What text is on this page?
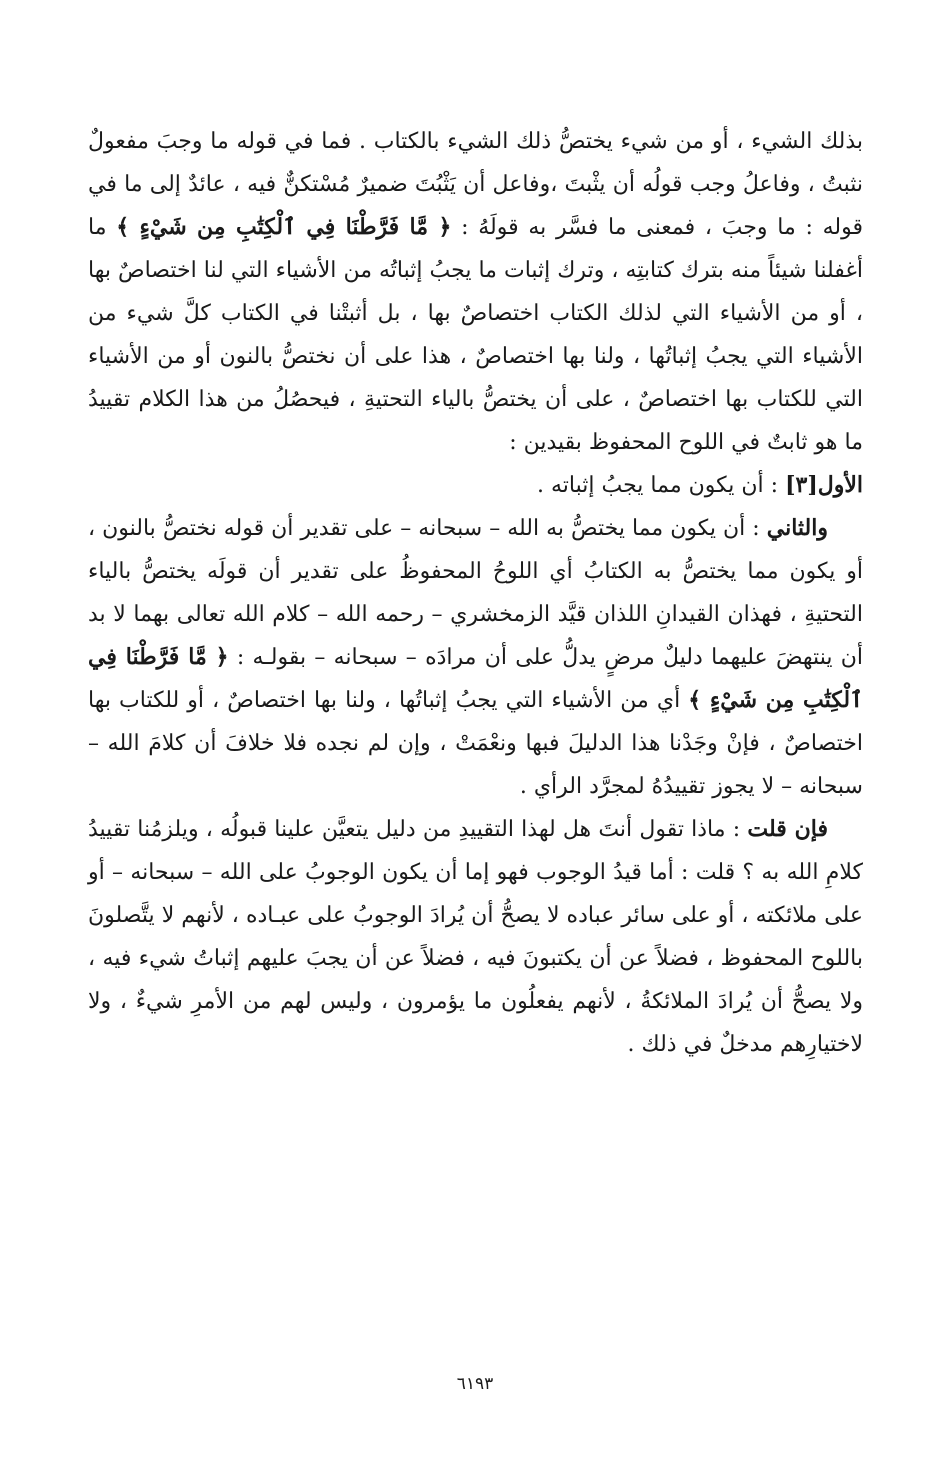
بذلك الشيء ، أو من شيء يختصُّ ذلك الشيء بالكتاب . فما في قوله ما وجبَ مفعولٌ نثبتُ ، وفاعلُ وجب قولُه أن يثْبتَ ،وفاعل أن يَثْبُتَ ضميرٌ مُسْتكنٌّ فيه ، عائدٌ إلى ما في قوله : ما وجبَ ، فمعنى ما فسَّر به قولَهُ : ﴿ مَّا فَرَّطْنَا فِي ٱلْكِتَٰبِ مِن شَيْءٍ ﴾ ما أغفلنا شيئاً منه بترك كتابتِه ، وترك إثبات ما يجبُ إثباتُه من الأشياء التي لنا اختصاصٌ بها ، أو من الأشياء التي لذلك الكتاب اختصاصٌ بها ، بل أثبتْنا في الكتاب كلَّ شيء من الأشياء التي يجبُ إثباتُها ، ولنا بها اختصاصٌ ، هذا على أن نختصُّ بالنون أو من الأشياء التي للكتاب بها اختصاصٌ ، على أن يختصُّ بالياء التحتيةِ ، فيحصُلُ من هذا الكلام تقييدُ ما هو ثابتٌ في اللوح المحفوظ بقيدين :

الأول[٣] : أن يكون مما يجبُ إثباته .

والثاني : أن يكون مما يختصُّ به الله – سبحانه – على تقدير أن قوله نختصُّ بالنون ، أو يكون مما يختصُّ به الكتابُ أي اللوحُ المحفوظُ على تقدير أن قولَه يختصُّ بالياء التحتيةِ ، فهذان القيدانِ اللذان قيَّد الزمخشري – رحمه الله – كلام الله تعالى بهما لا بد أن ينتهضَ عليهما دليلٌ مرضٍ يدلُّ على أن مرادَه – سبحانه – بقولـه : ﴿ مَّا فَرَّطْنَا فِي ٱلْكِتَٰبِ مِن شَيْءٍ ﴾ أي من الأشياء التي يجبُ إثباتُها ، ولنا بها اختصاصٌ ، أو للكتاب بها اختصاصٌ ، فإنْ وجَدْنا هذا الدليلَ فبها ونعْمَتْ ، وإن لم نجده فلا خلافَ أن كلامَ الله – سبحانه – لا يجوز تقييدُهُ لمجرَّد الرأي .

فإن قلت : ماذا تقول أنتَ هل لهذا التقييدِ من دليل يتعيَّن علينا قبولُه ، ويلزمُنا تقييدُ كلامِ الله به ؟ قلت : أما قيدُ الوجوب فهو إما أن يكون الوجوبُ على الله – سبحانه – أو على ملائكته ، أو على سائر عباده لا يصحُّ أن يُرادَ الوجوبُ على عبـاده ، لأنهم لا يتَّصلونَ باللوح المحفوظ ، فضلاً عن أن يكتبونَ فيه ، فضلاً عن أن يجبَ عليهم إثباتُ شيء فيه ، ولا يصحُّ أن يُرادَ الملائكةُ ، لأنهم يفعلُون ما يؤمرون ، وليس لهم من الأمرِ شيءٌ ، ولا لاختيارِهم مدخلٌ في ذلك .

٦١٩٣
